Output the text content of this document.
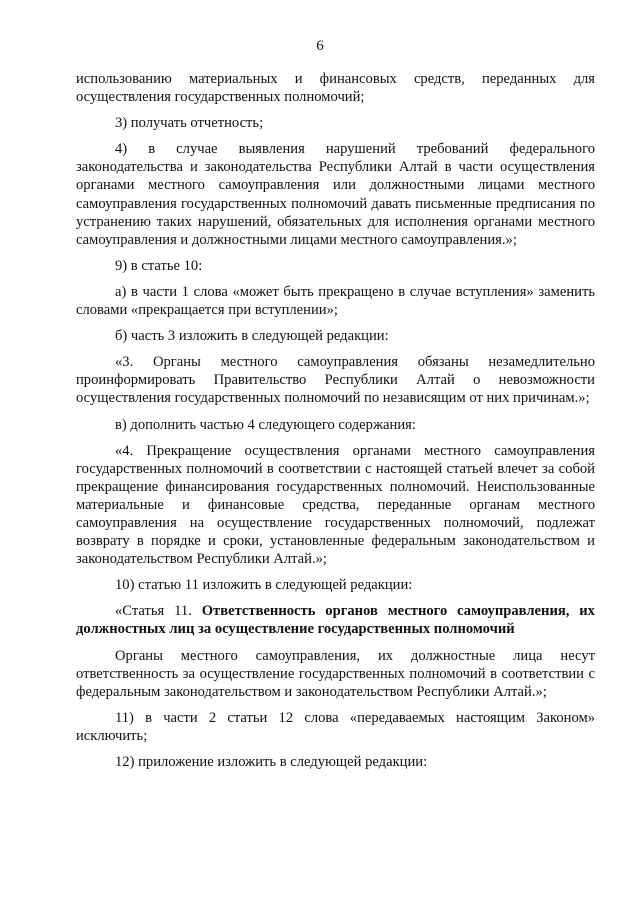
6

использованию материальных и финансовых средств, переданных для осуществления государственных полномочий;

3) получать отчетность;

4) в случае выявления нарушений требований федерального законодательства и законодательства Республики Алтай в части осуществления органами местного самоуправления или должностными лицами местного самоуправления государственных полномочий давать письменные предписания по устранению таких нарушений, обязательных для исполнения органами местного самоуправления и должностными лицами местного самоуправления.»;

9) в статье 10:

а) в части 1 слова «может быть прекращено в случае вступления» заменить словами «прекращается при вступлении»;

б) часть 3 изложить в следующей редакции:

«3. Органы местного самоуправления обязаны незамедлительно проинформировать Правительство Республики Алтай о невозможности осуществления государственных полномочий по независящим от них причинам.»;

в) дополнить частью 4 следующего содержания:

«4. Прекращение осуществления органами местного самоуправления государственных полномочий в соответствии с настоящей статьей влечет за собой прекращение финансирования государственных полномочий. Неиспользованные материальные и финансовые средства, переданные органам местного самоуправления на осуществление государственных полномочий, подлежат возврату в порядке и сроки, установленные федеральным законодательством и законодательством Республики Алтай.»;

10) статью 11 изложить в следующей редакции:

«Статья 11. Ответственность органов местного самоуправления, их должностных лиц за осуществление государственных полномочий

Органы местного самоуправления, их должностные лица несут ответственность за осуществление государственных полномочий в соответствии с федеральным законодательством и законодательством Республики Алтай.»;

11) в части 2 статьи 12 слова «передаваемых настоящим Законом» исключить;

12) приложение изложить в следующей редакции:
